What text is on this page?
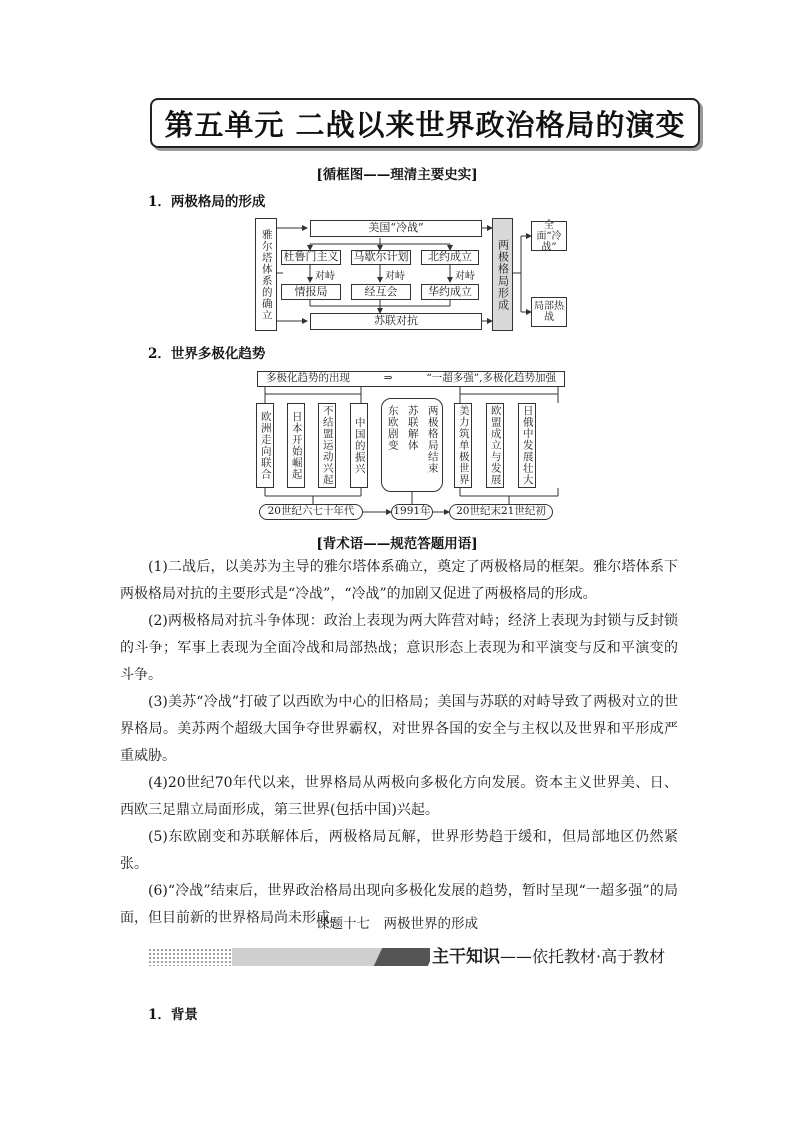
第五单元 二战以来世界政治格局的演变
[循框图——理清主要史实]
1．两极格局的形成
雅尔塔体系的确立
美国“冷战”
杜鲁门主义 马歇尔计划	北约成立
对峙	对峙	对峙
情报局	经互会	华约成立
苏联对抗
两极格局形成
全面“冷战”
局部热战
2．世界多极化趋势
多极化趋势的出现	⇒	“一超多强”,多极化趋势加强
欧洲走向联合	日本开始崛起	不结盟运动兴起	中国的振兴 东欧剧变 苏联解体 两极格局结束	美力筑单极世界	欧盟成立与发展	日俄中发展壮大
20世纪六七十年代	1991年	20世纪末21世纪初
[背术语——规范答题用语]

(1)二战后，以美苏为主导的雅尔塔体系确立，奠定了两极格局的框架。雅尔塔体系下两极格局对抗的主要形式是“冷战”，“冷战”的加剧又促进了两极格局的形成。

(2)两极格局对抗斗争体现：政治上表现为两大阵营对峙；经济上表现为封锁与反封锁的斗争；军事上表现为全面冷战和局部热战；意识形态上表现为和平演变与反和平演变的斗争。

(3)美苏“冷战”打破了以西欧为中心的旧格局；美国与苏联的对峙导致了两极对立的世界格局。美苏两个超级大国争夺世界霸权，对世界各国的安全与主权以及世界和平形成严重威胁。

(4)20世纪70年代以来，世界格局从两极向多极化方向发展。资本主义世界美、日、西欧三足鼎立局面形成，第三世界(包括中国)兴起。

(5)东欧剧变和苏联解体后，两极格局瓦解，世界形势趋于缓和，但局部地区仍然紧张。

(6)“冷战”结束后，世界政治格局出现向多极化发展的趋势，暂时呈现“一超多强”的局面，但目前新的世界格局尚未形成。

课题十七　两极世界的形成
主干知识——依托教材·高于教材
1．背景
